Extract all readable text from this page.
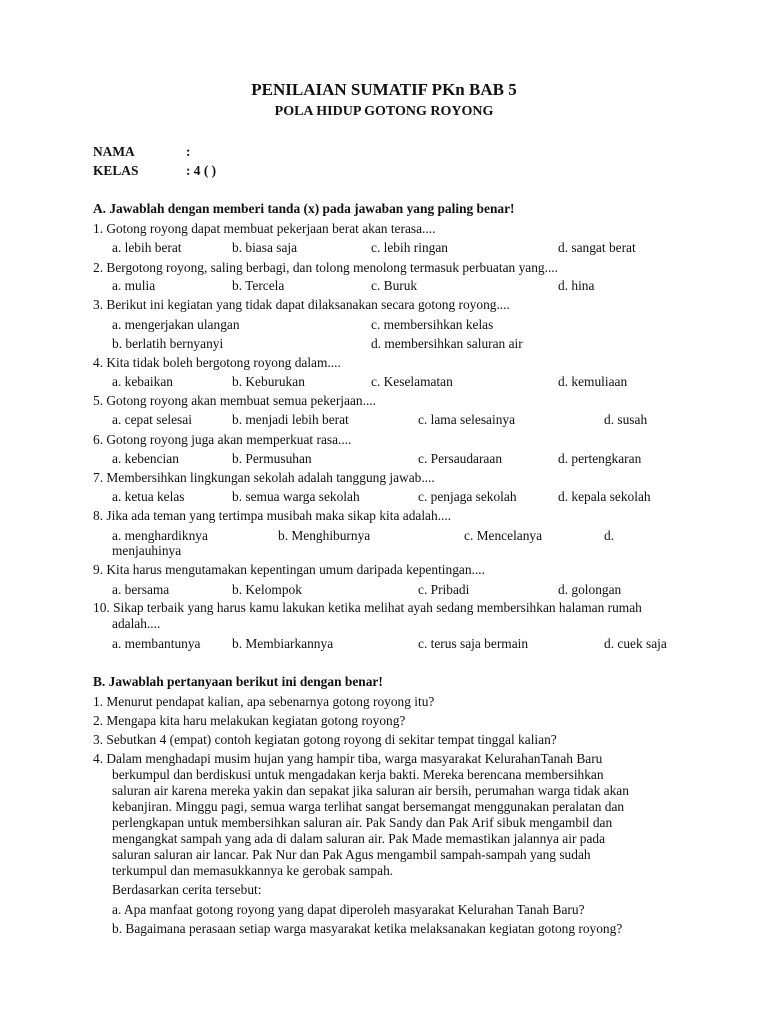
PENILAIAN SUMATIF PKn BAB 5
POLA HIDUP GOTONG ROYONG
NAMA	:
KELAS	: 4 ( )
A. Jawablah dengan memberi tanda (x) pada jawaban yang paling benar!
1. Gotong royong dapat membuat pekerjaan berat akan terasa....
a. lebih berat	b. biasa saja	c. lebih ringan	d. sangat berat
2. Bergotong royong, saling berbagi, dan tolong menolong termasuk perbuatan yang....
a. mulia	b. Tercela	c. Buruk	d. hina
3. Berikut ini kegiatan yang tidak dapat dilaksanakan secara gotong royong....
a. mengerjakan ulangan	c. membersihkan kelas
b. berlatih bernyanyi	d. membersihkan saluran air
4. Kita tidak boleh bergotong royong dalam....
a. kebaikan	b. Keburukan	c. Keselamatan	d. kemuliaan
5. Gotong royong akan membuat semua pekerjaan....
a. cepat selesai	b. menjadi lebih berat	c. lama selesainya	d. susah
6. Gotong royong juga akan memperkuat rasa....
a. kebencian	b. Permusuhan	c. Persaudaraan	d. pertengkaran
7. Membersihkan lingkungan sekolah adalah tanggung jawab....
a. ketua kelas	b. semua warga sekolah	c. penjaga sekolah	d. kepala sekolah
8. Jika ada teman yang tertimpa musibah maka sikap kita adalah....
a. menghardiknya	b. Menghiburnya	c. Mencelanya	d.
menjauhinya
9. Kita harus mengutamakan kepentingan umum daripada kepentingan....
a. bersama	b. Kelompok	c. Pribadi	d. golongan
10. Sikap terbaik yang harus kamu lakukan ketika melihat ayah sedang membersihkan halaman rumah
adalah....
a. membantunya b. Membiarkannya	c. terus saja bermain	d. cuek saja
B. Jawablah pertanyaan berikut ini dengan benar!
1. Menurut pendapat kalian, apa sebenarnya gotong royong itu?
2. Mengapa kita haru melakukan kegiatan gotong royong?
3. Sebutkan 4 (empat) contoh kegiatan gotong royong di sekitar tempat tinggal kalian?
4. Dalam menghadapi musim hujan yang hampir tiba, warga masyarakat KelurahanTanah Baru
berkumpul dan berdiskusi untuk mengadakan kerja bakti. Mereka berencana membersihkan
saluran air karena mereka yakin dan sepakat jika saluran air bersih, perumahan warga tidak akan
kebanjiran. Minggu pagi, semua warga terlihat sangat bersemangat menggunakan peralatan dan
perlengkapan untuk membersihkan saluran air. Pak Sandy dan Pak Arif sibuk mengambil dan
mengangkat sampah yang ada di dalam saluran air. Pak Made memastikan jalannya air pada
saluran saluran air lancar. Pak Nur dan Pak Agus mengambil sampah-sampah yang sudah
terkumpul dan memasukkannya ke gerobak sampah.
Berdasarkan cerita tersebut:
a. Apa manfaat gotong royong yang dapat diperoleh masyarakat Kelurahan Tanah Baru?
b. Bagaimana perasaan setiap warga masyarakat ketika melaksanakan kegiatan gotong royong?
